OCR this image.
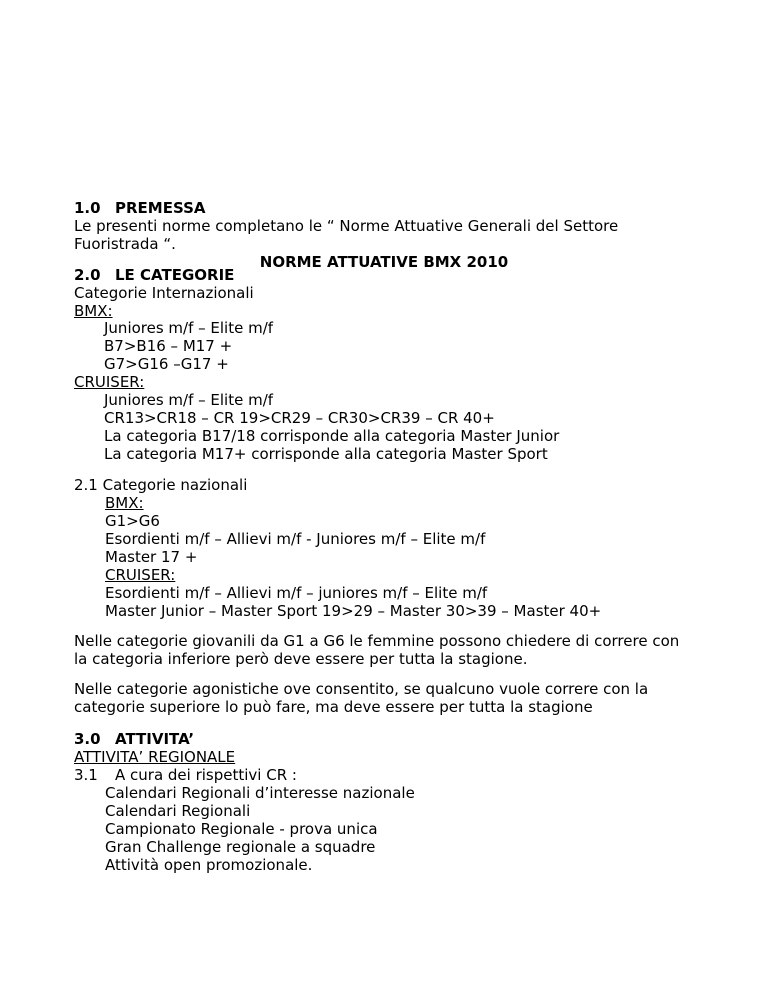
NORME ATTUATIVE BMX 2010
1.0 PREMESSA
Le presenti norme completano le “ Norme Attuative Generali del Settore
Fuoristrada “.
2.0 LE CATEGORIE
Categorie Internazionali
BMX:
Juniores m/f – Elite m/f
B7>B16 – M17 +
G7>G16 –G17 +
CRUISER:
Juniores m/f – Elite m/f
CR13>CR18 – CR 19>CR29 – CR30>CR39 – CR 40+
La categoria B17/18 corrisponde alla categoria Master Junior
La categoria M17+ corrisponde alla categoria Master Sport
2.1 Categorie nazionali
BMX:
G1>G6
Esordienti m/f – Allievi m/f - Juniores m/f – Elite m/f
Master 17 +
CRUISER:
Esordienti m/f – Allievi m/f – juniores m/f – Elite m/f
Master Junior – Master Sport 19>29 – Master 30>39 – Master 40+
Nelle categorie giovanili da G1 a G6 le femmine possono chiedere di correre con
la categoria inferiore però deve essere per tutta la stagione.
Nelle categorie agonistiche ove consentito, se qualcuno vuole correre con la
categorie superiore lo può fare, ma deve essere per tutta la stagione
3.0 ATTIVITA’
ATTIVITA’ REGIONALE
3.1 A cura dei rispettivi CR :
Calendari Regionali d’interesse nazionale
Calendari Regionali
Campionato Regionale - prova unica
Gran Challenge regionale a squadre
Attività open promozionale.
